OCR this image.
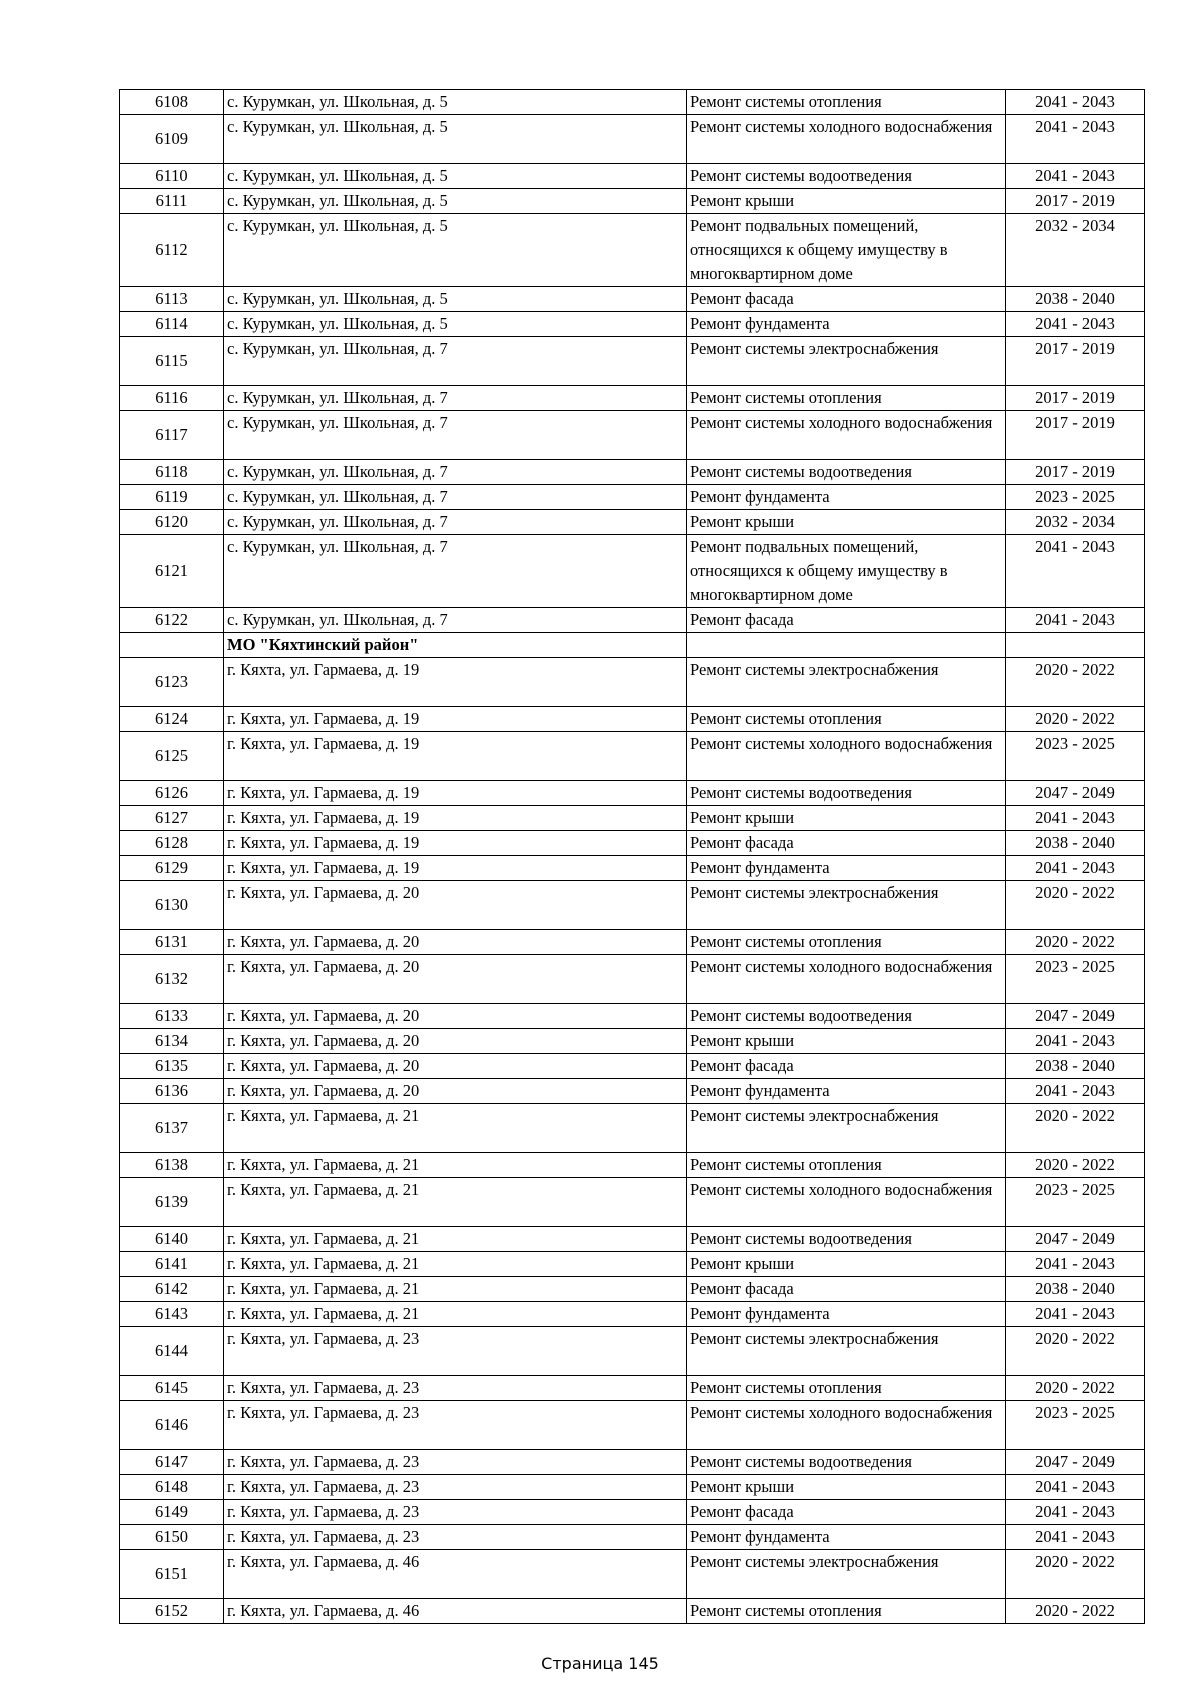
6108	с. Курумкан, ул. Школьная, д. 5	Ремонт системы отопления	2041 - 2043
6109	с. Курумкан, ул. Школьная, д. 5	Ремонт системы холодного водоснабжения	2041 - 2043
6110	с. Курумкан, ул. Школьная, д. 5	Ремонт системы водоотведения	2041 - 2043
6111	с. Курумкан, ул. Школьная, д. 5	Ремонт крыши	2017 - 2019
6112	с. Курумкан, ул. Школьная, д. 5	Ремонт подвальных помещений, относящихся к общему имуществу в многоквартирном доме	2032 - 2034
6113	с. Курумкан, ул. Школьная, д. 5	Ремонт фасада	2038 - 2040
6114	с. Курумкан, ул. Школьная, д. 5	Ремонт фундамента	2041 - 2043
6115	с. Курумкан, ул. Школьная, д. 7	Ремонт системы электроснабжения	2017 - 2019
6116	с. Курумкан, ул. Школьная, д. 7	Ремонт системы отопления	2017 - 2019
6117	с. Курумкан, ул. Школьная, д. 7	Ремонт системы холодного водоснабжения	2017 - 2019
6118	с. Курумкан, ул. Школьная, д. 7	Ремонт системы водоотведения	2017 - 2019
6119	с. Курумкан, ул. Школьная, д. 7	Ремонт фундамента	2023 - 2025
6120	с. Курумкан, ул. Школьная, д. 7	Ремонт крыши	2032 - 2034
6121	с. Курумкан, ул. Школьная, д. 7	Ремонт подвальных помещений, относящихся к общему имуществу в многоквартирном доме	2041 - 2043
6122	с. Курумкан, ул. Школьная, д. 7	Ремонт фасада	2041 - 2043
	МО "Кяхтинский район"		
6123	г. Кяхта, ул. Гармаева, д. 19	Ремонт системы электроснабжения	2020 - 2022
6124	г. Кяхта, ул. Гармаева, д. 19	Ремонт системы отопления	2020 - 2022
6125	г. Кяхта, ул. Гармаева, д. 19	Ремонт системы холодного водоснабжения	2023 - 2025
6126	г. Кяхта, ул. Гармаева, д. 19	Ремонт системы водоотведения	2047 - 2049
6127	г. Кяхта, ул. Гармаева, д. 19	Ремонт крыши	2041 - 2043
6128	г. Кяхта, ул. Гармаева, д. 19	Ремонт фасада	2038 - 2040
6129	г. Кяхта, ул. Гармаева, д. 19	Ремонт фундамента	2041 - 2043
6130	г. Кяхта, ул. Гармаева, д. 20	Ремонт системы электроснабжения	2020 - 2022
6131	г. Кяхта, ул. Гармаева, д. 20	Ремонт системы отопления	2020 - 2022
6132	г. Кяхта, ул. Гармаева, д. 20	Ремонт системы холодного водоснабжения	2023 - 2025
6133	г. Кяхта, ул. Гармаева, д. 20	Ремонт системы водоотведения	2047 - 2049
6134	г. Кяхта, ул. Гармаева, д. 20	Ремонт крыши	2041 - 2043
6135	г. Кяхта, ул. Гармаева, д. 20	Ремонт фасада	2038 - 2040
6136	г. Кяхта, ул. Гармаева, д. 20	Ремонт фундамента	2041 - 2043
6137	г. Кяхта, ул. Гармаева, д. 21	Ремонт системы электроснабжения	2020 - 2022
6138	г. Кяхта, ул. Гармаева, д. 21	Ремонт системы отопления	2020 - 2022
6139	г. Кяхта, ул. Гармаева, д. 21	Ремонт системы холодного водоснабжения	2023 - 2025
6140	г. Кяхта, ул. Гармаева, д. 21	Ремонт системы водоотведения	2047 - 2049
6141	г. Кяхта, ул. Гармаева, д. 21	Ремонт крыши	2041 - 2043
6142	г. Кяхта, ул. Гармаева, д. 21	Ремонт фасада	2038 - 2040
6143	г. Кяхта, ул. Гармаева, д. 21	Ремонт фундамента	2041 - 2043
6144	г. Кяхта, ул. Гармаева, д. 23	Ремонт системы электроснабжения	2020 - 2022
6145	г. Кяхта, ул. Гармаева, д. 23	Ремонт системы отопления	2020 - 2022
6146	г. Кяхта, ул. Гармаева, д. 23	Ремонт системы холодного водоснабжения	2023 - 2025
6147	г. Кяхта, ул. Гармаева, д. 23	Ремонт системы водоотведения	2047 - 2049
6148	г. Кяхта, ул. Гармаева, д. 23	Ремонт крыши	2041 - 2043
6149	г. Кяхта, ул. Гармаева, д. 23	Ремонт фасада	2041 - 2043
6150	г. Кяхта, ул. Гармаева, д. 23	Ремонт фундамента	2041 - 2043
6151	г. Кяхта, ул. Гармаева, д. 46	Ремонт системы электроснабжения	2020 - 2022
6152	г. Кяхта, ул. Гармаева, д. 46	Ремонт системы отопления	2020 - 2022
Страница 145
